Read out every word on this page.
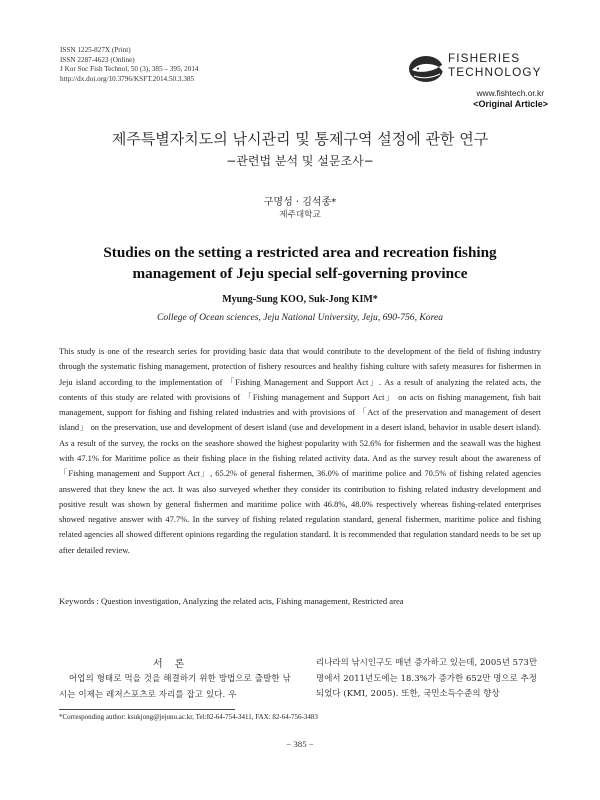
ISSN 1225-827X (Print)
ISSN 2287-4623 (Online)
J Kor Soc Fish Technol, 50 (3), 385 – 395, 2014
http://dx.doi.org/10.3796/KSFT.2014.50.3.385
FISHERIES
TECHNOLOGY
www.fishtech.or.kr
<Original Article>
제주특별자치도의 낚시관리 및 통제구역 설정에 관한 연구
−관련법 분석 및 설문조사−
구명성 · 김석종*
제주대학교
Studies on the setting a restricted area and recreation fishing
management of Jeju special self-governing province
Myung-Sung KOO, Suk-Jong KIM*
College of Ocean sciences, Jeju National University, Jeju, 690-756, Korea
This study is one of the research series for providing basic data that would contribute to the development of the field of fishing industry through the systematic fishing management, protection of fishery resources and healthy fishing culture with safety measures for fishermen in Jeju island according to the implementation of 「Fishing Management and Support Act」. As a result of analyzing the related acts, the contents of this study are related with provisions of 「Fishing management and Support Act」 on acts on fishing management, fish bait management, support for fishing and fishing related industries and with provisions of 「Act of the preservation and management of desert island」 on the preservation, use and development of desert island (use and development in a desert island, behavior in usable desert island). As a result of the survey, the rocks on the seashore showed the highest popularity with 52.6% for fishermen and the seawall was the highest with 47.1% for Maritime police as their fishing place in the fishing related activity data. And as the survey result about the awareness of 「Fishing management and Support Act」, 65.2% of general fishermen, 36.0% of maritime police and 70.5% of fishing related agencies answered that they knew the act. It was also surveyed whether they consider its contribution to fishing related industry development and positive result was shown by general fishermen and maritime police with 46.8%, 48.0% respectively whereas fishing-related enterprises showed negative answer with 47.7%. In the survey of fishing related regulation standard, general fishermen, maritime police and fishing related agencies all showed different opinions regarding the regulation standard. It is recommended that regulation standard needs to be set up after detailed review.
Keywords : Question investigation, Analyzing the related acts, Fishing management, Restricted area
서론

어업의 형태로 먹을 것을 해결하기 위한 방법으로 출발한 낚시는 이제는 레저스포츠로 자리를 잡고 있다. 우

리나라의 낚시인구도 매년 증가하고 있는데, 2005년 573만 명에서 2011년도에는 18.3%가 증가한 652만 명으로 추정되었다 (KMI, 2005). 또한, 국민소득수준의 향상

*Corresponding author: ksukjong@jejunu.ac.kr, Tel:82-64-754-3411, FAX: 82-64-756-3483
− 385 −
